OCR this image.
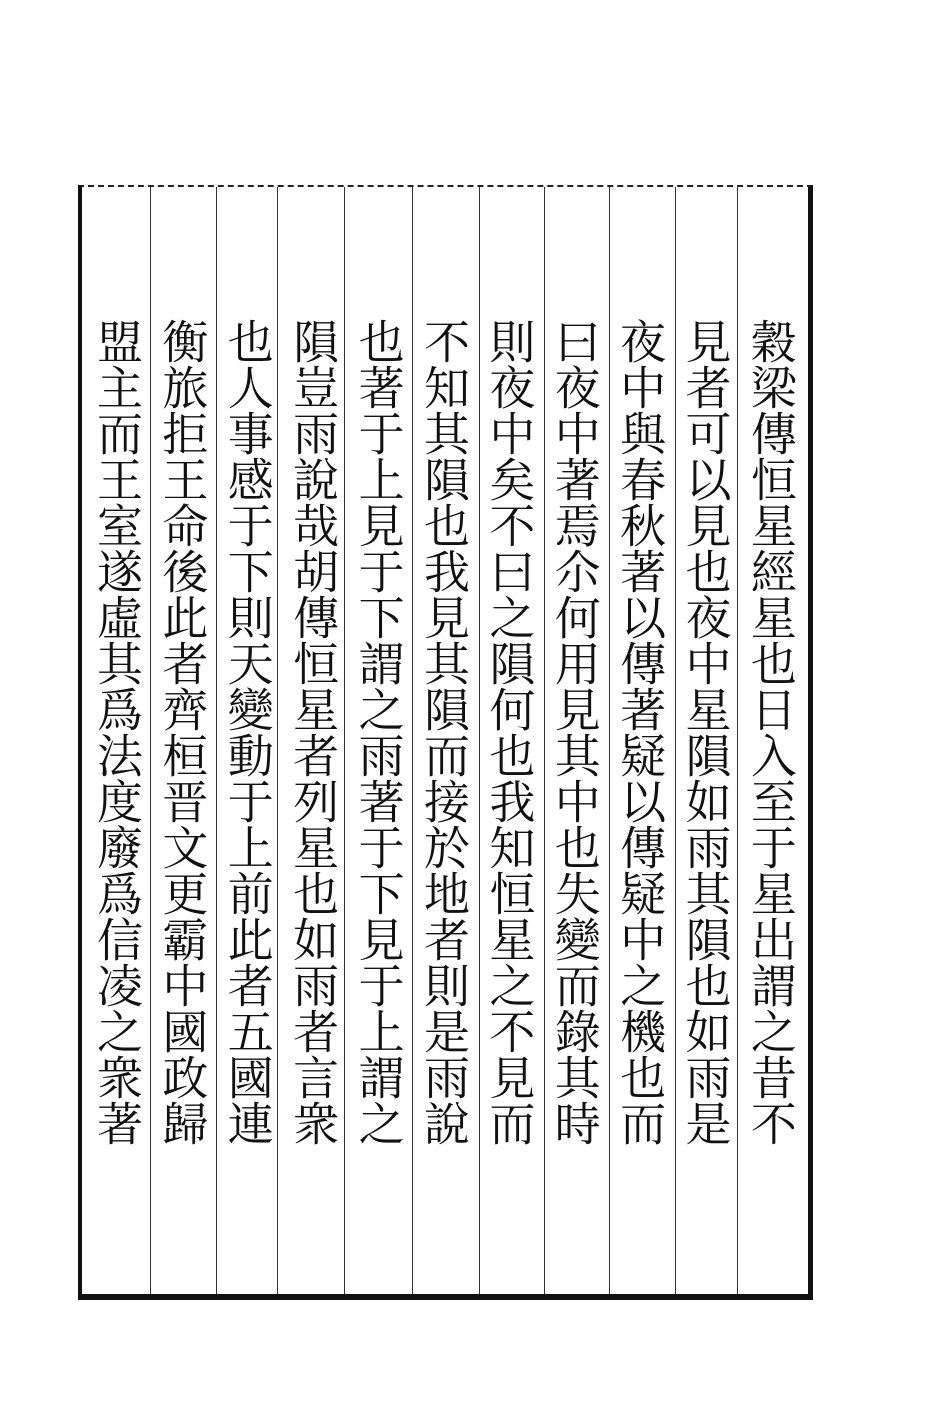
穀梁傳恒星經星也日入至于星出謂之昔不
見者可以見也夜中星隕如雨其隕也如雨是
夜中與春秋著以傳著疑以傳疑中之機也而
曰夜中著焉尒何用見其中也失變而錄其時
則夜中矣不曰之隕何也我知恒星之不見而
不知其隕也我見其隕而接於地者則是雨說
也著于上見于下謂之雨著于下見于上謂之
隕豈雨說哉胡傳恒星者列星也如雨者言衆
也人事感于下則天變動于上前此者五國連
衡旅拒王命後此者齊桓晋文更霸中國政歸
盟主而王室遂虛其爲法度廢爲信凌之衆著
